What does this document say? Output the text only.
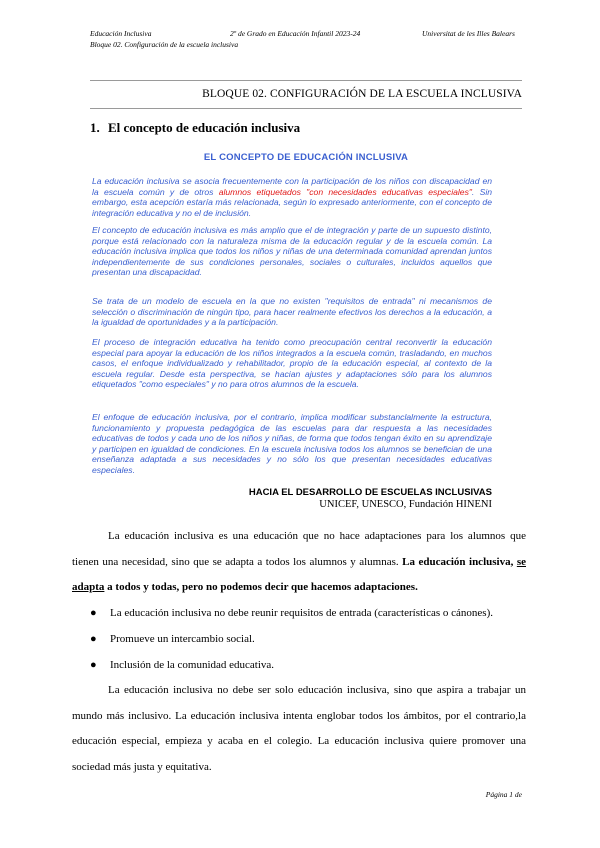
Educación Inclusiva
Bloque 02. Configuración de la escuela inclusiva
2º de Grado en Educación Infantil 2023-24	Universitat de les Illes Balears
BLOQUE 02. CONFIGURACIÓN DE LA ESCUELA INCLUSIVA
1. El concepto de educación inclusiva
EL CONCEPTO DE EDUCACIÓN INCLUSIVA
La educación inclusiva se asocia frecuentemente con la participación de los niños con discapacidad en la escuela común y de otros alumnos etiquetados "con necesidades educativas especiales". Sin embargo, esta acepción estaría más relacionada, según lo expresado anteriormente, con el concepto de integración educativa y no el de inclusión.
El concepto de educación inclusiva es más amplio que el de integración y parte de un supuesto distinto, porque está relacionado con la naturaleza misma de la educación regular y de la escuela común. La educación inclusiva implica que todos los niños y niñas de una determinada comunidad aprendan juntos independientemente de sus condiciones personales, sociales o culturales, incluidos aquellos que presentan una discapacidad.
Se trata de un modelo de escuela en la que no existen "requisitos de entrada" ni mecanismos de selección o discriminación de ningún tipo, para hacer realmente efectivos los derechos a la educación, a la igualdad de oportunidades y a la participación.
El proceso de integración educativa ha tenido como preocupación central reconvertir la educación especial para apoyar la educación de los niños integrados a la escuela común, trasladando, en muchos casos, el enfoque individualizado y rehabilitador, propio de la educación especial, al contexto de la escuela regular. Desde esta perspectiva, se hacian ajustes y adaptaciones sólo para los alumnos etiquetados "como especiales" y no para otros alumnos de la escuela.
El enfoque de educación inclusiva, por el contrario, implica modificar substanclalmente la estructura, funcionamiento y propuesta pedagógica de las escuelas para dar respuesta a las necesidades educativas de todos y cada uno de los niños y niñas, de forma que todos tengan éxito en su aprendizaje y participen en igualdad de condiciones. En la escuela inclusiva todos los alumnos se benefician de una enseñanza adaptada a sus necesidades y no sólo los que presentan necesidades educativas especiales.
HACIA EL DESARROLLO DE ESCUELAS INCLUSIVAS
UNICEF, UNESCO, Fundación HINENI
La educación inclusiva es una educación que no hace adaptaciones para los alumnos que tienen una necesidad, sino que se adapta a todos los alumnos y alumnas. La educación inclusiva, se adapta a todos y todas, pero no podemos decir que hacemos adaptaciones.
● La educación inclusiva no debe reunir requisitos de entrada (características o cánones).
● Promueve un intercambio social.
● Inclusión de la comunidad educativa.
La educación inclusiva no debe ser solo educación inclusiva, sino que aspira a trabajar un mundo más inclusivo. La educación inclusiva intenta englobar todos los ámbitos, por el contrario,la educación especial, empieza y acaba en el colegio. La educación inclusiva quiere promover una sociedad más justa y equitativa.
Página 1 de
